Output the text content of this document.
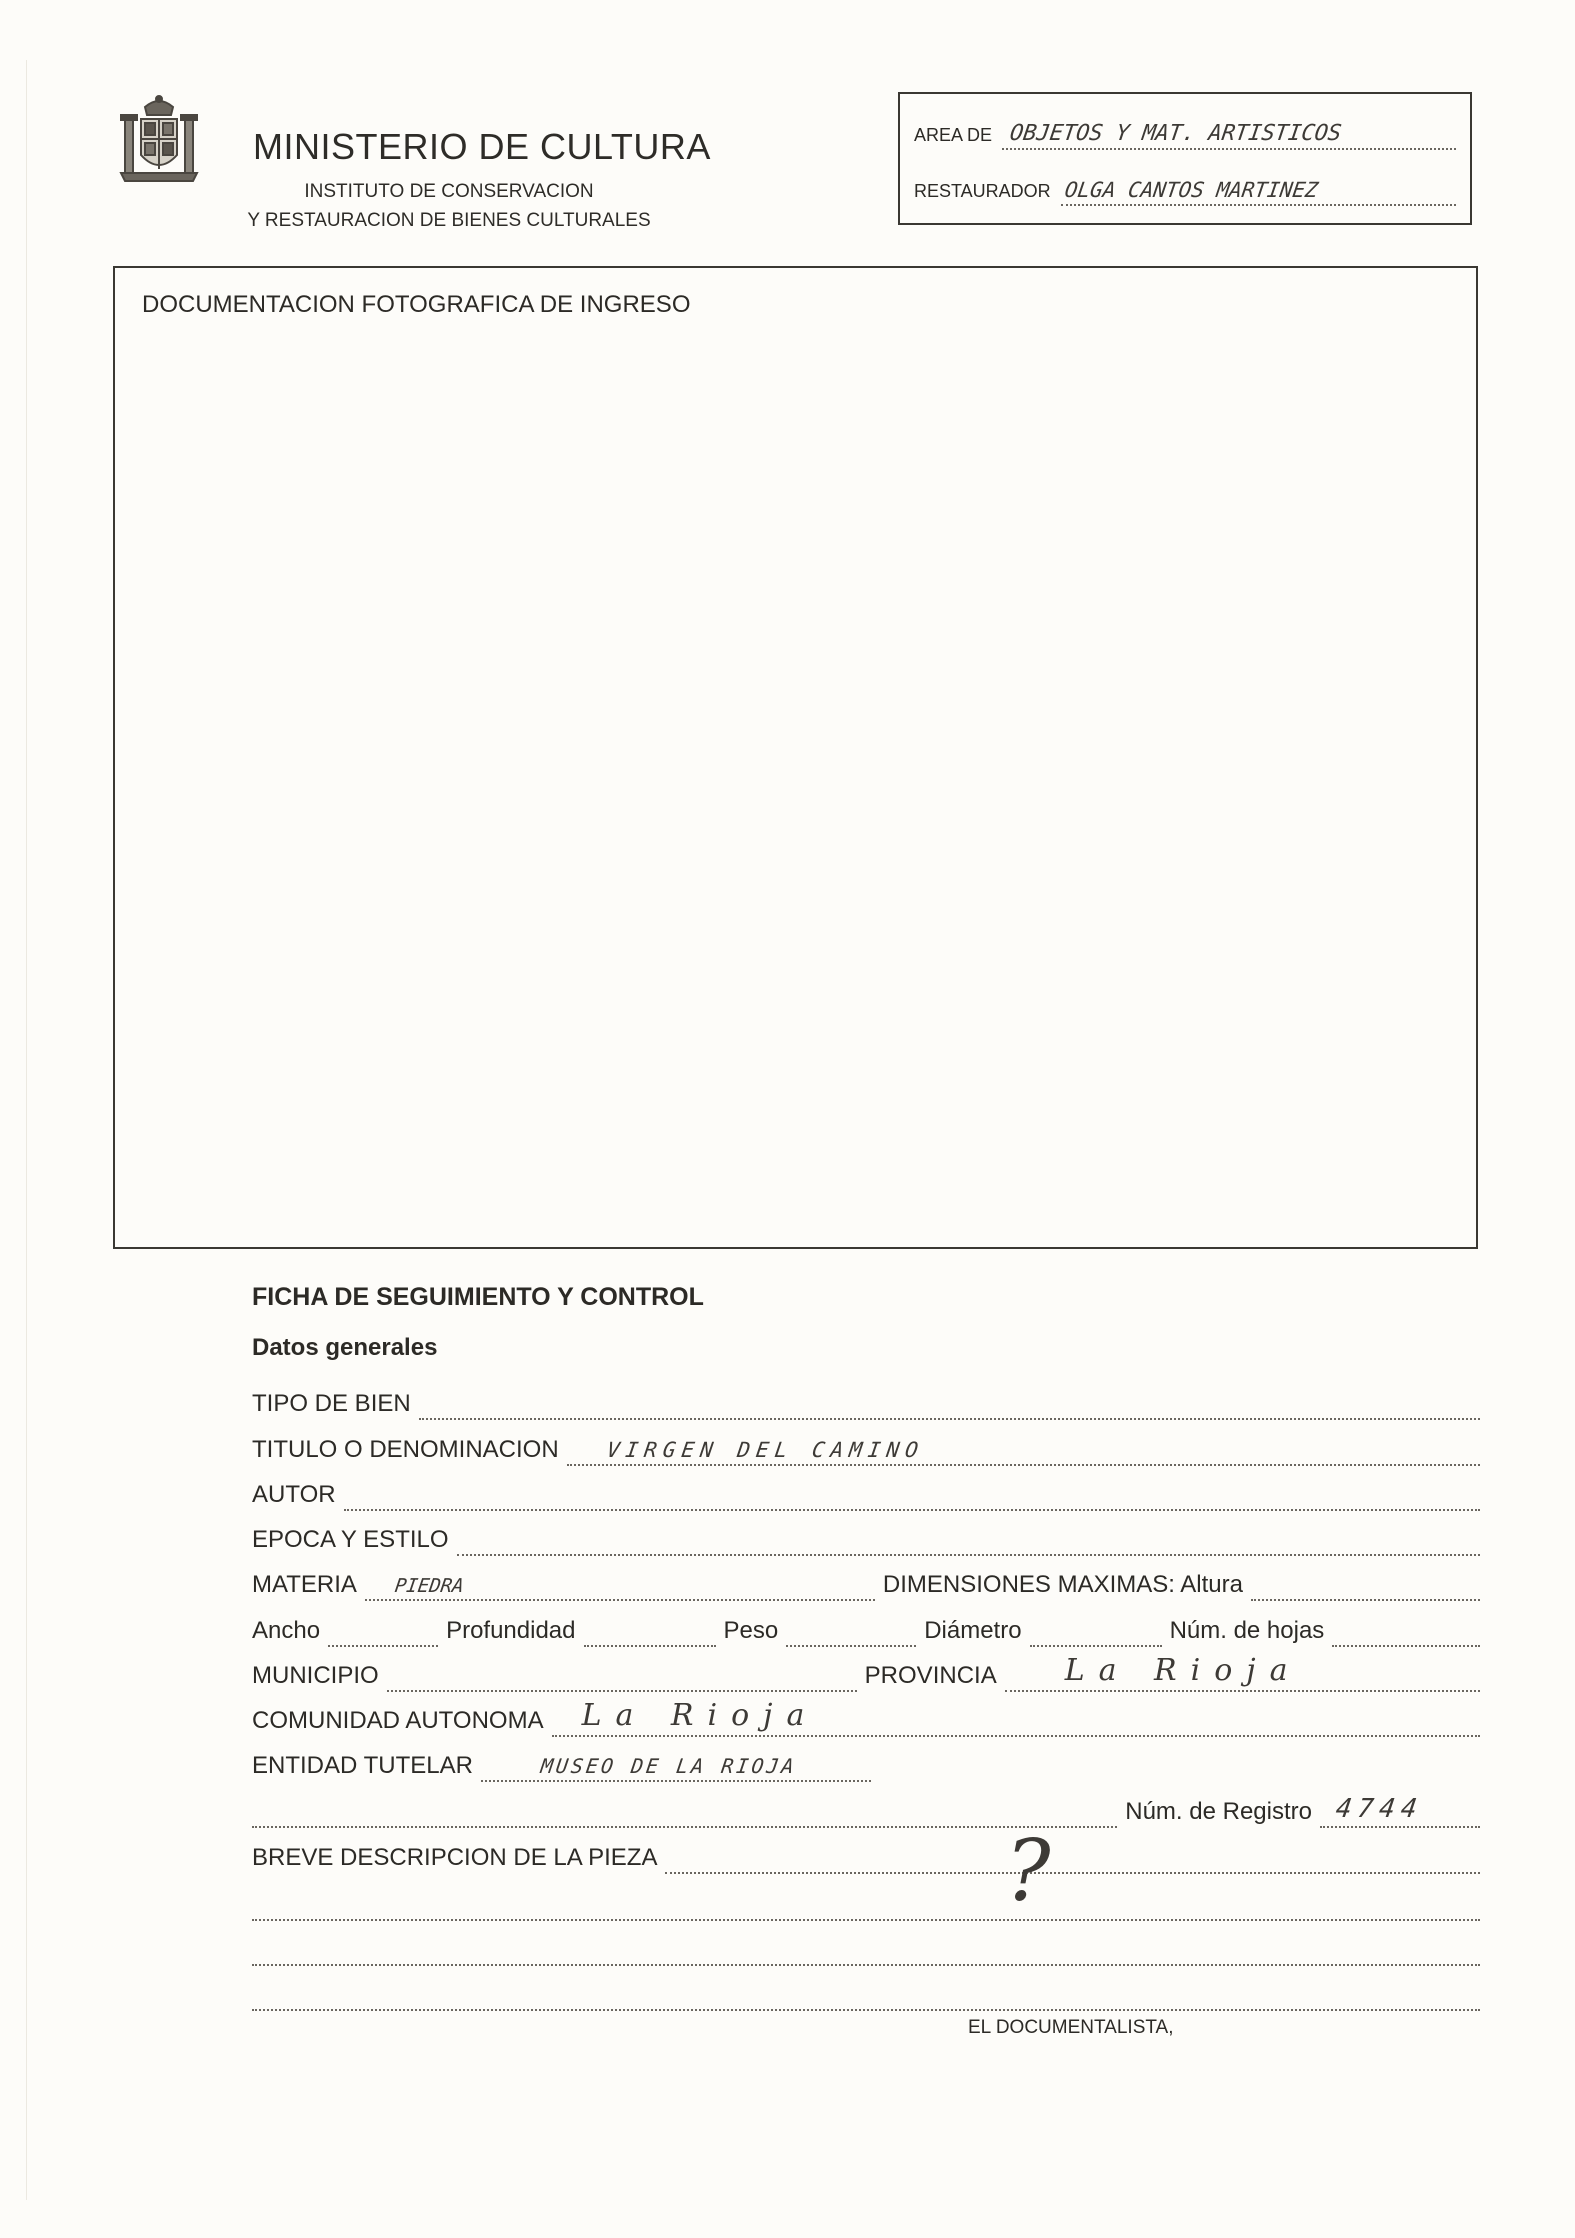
MINISTERIO DE CULTURA
INSTITUTO DE CONSERVACION
Y RESTAURACION DE BIENES CULTURALES
AREA DE OBJETOS Y MAT. ARTISTICOS
RESTAURADOR OLGA CANTOS MARTINEZ
DOCUMENTACION FOTOGRAFICA DE INGRESO
FICHA DE SEGUIMIENTO Y CONTROL
Datos generales
TIPO DE BIEN
TITULO O DENOMINACION VIRGEN DEL CAMINO
AUTOR
EPOCA Y ESTILO
MATERIA PIEDRA	DIMENSIONES MAXIMAS: Altura
Ancho	Profundidad	Peso	Diámetro	Núm. de hojas
MUNICIPIO	PROVINCIA La Rioja
COMUNIDAD AUTONOMA La Rioja
ENTIDAD TUTELAR	MUSEO DE LA RIOJA
Núm. de Registro 4744
BREVE DESCRIPCION DE LA PIEZA	?
EL DOCUMENTALISTA,
